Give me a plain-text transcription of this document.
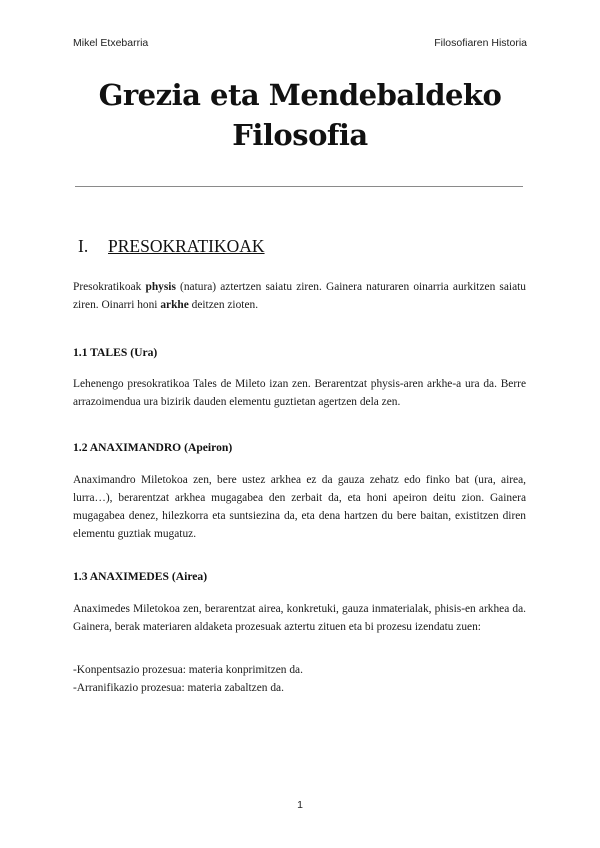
Mikel Etxebarria	Filosofiaren Historia
Grezia eta Mendebaldeko
Filosofia
I. PRESOKRATIKOAK
Presokratikoak physis (natura) aztertzen saiatu ziren. Gainera naturaren oinarria aurkitzen saiatu ziren. Oinarri honi arkhe deitzen zioten.
1.1 TALES (Ura)
Lehenengo presokratikoa Tales de Mileto izan zen. Berarentzat physis-aren arkhe-a ura da. Berre arrazoimendua ura bizirik dauden elementu guztietan agertzen dela zen.
1.2 ANAXIMANDRO (Apeiron)
Anaximandro Miletokoa zen, bere ustez arkhea ez da gauza zehatz edo finko bat (ura, airea, lurra…), berarentzat arkhea mugagabea den zerbait da, eta honi apeiron deitu zion. Gainera mugagabea denez, hilezkorra eta suntsiezina da, eta dena hartzen du bere baitan, existitzen diren elementu guztiak mugatuz.
1.3 ANAXIMEDES (Airea)
Anaximedes Miletokoa zen, berarentzat airea, konkretuki, gauza inmaterialak, phisis-en arkhea da. Gainera, berak materiaren aldaketa prozesuak aztertu zituen eta bi prozesu izendatu zuen:
-Konpentsazio prozesua: materia konprimitzen da.
-Arranifikazio prozesua: materia zabaltzen da.
1
